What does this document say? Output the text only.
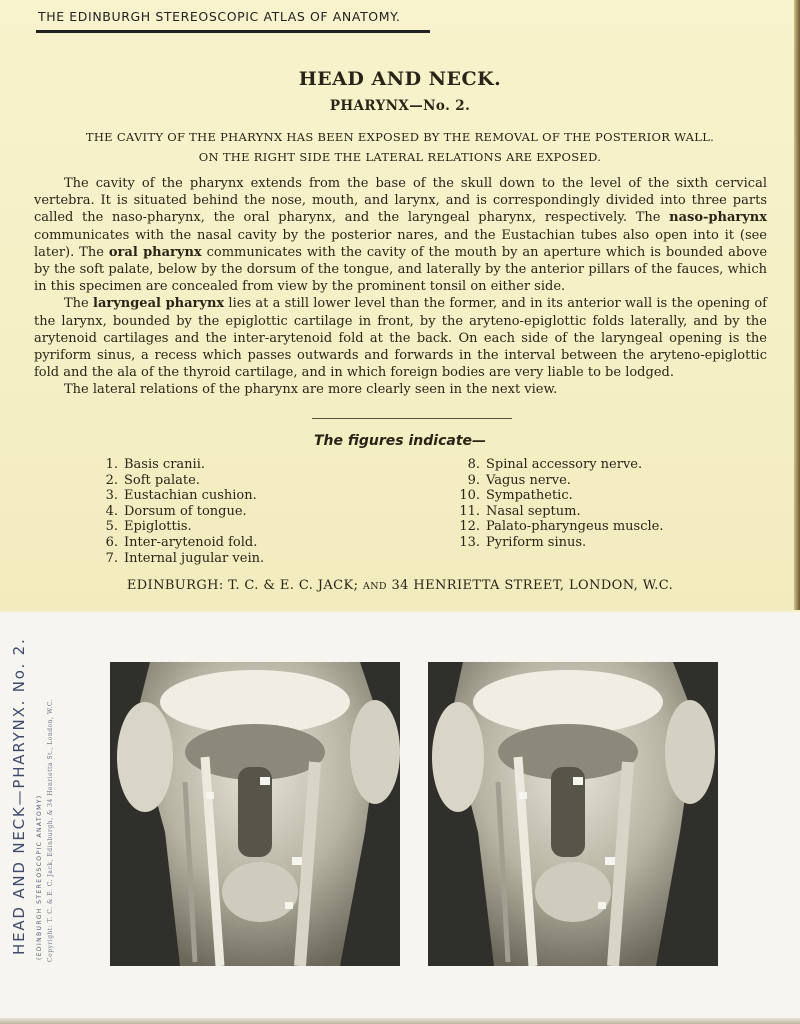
THE EDINBURGH STEREOSCOPIC ATLAS OF ANATOMY.
HEAD AND NECK.
PHARYNX—No. 2.
THE CAVITY OF THE PHARYNX HAS BEEN EXPOSED BY THE REMOVAL OF THE POSTERIOR WALL.
ON THE RIGHT SIDE THE LATERAL RELATIONS ARE EXPOSED.

The cavity of the pharynx extends from the base of the skull down to the level of the sixth cervical vertebra. It is situated behind the nose, mouth, and larynx, and is correspondingly divided into three parts called the naso-pharynx, the oral pharynx, and the laryngeal pharynx, respectively. The naso-pharynx communicates with the nasal cavity by the posterior nares, and the Eustachian tubes also open into it (see later). The oral pharynx communicates with the cavity of the mouth by an aperture which is bounded above by the soft palate, below by the dorsum of the tongue, and laterally by the anterior pillars of the fauces, which in this specimen are concealed from view by the prominent tonsil on either side.

The laryngeal pharynx lies at a still lower level than the former, and in its anterior wall is the opening of the larynx, bounded by the epiglottic cartilage in front, by the aryteno-epiglottic folds laterally, and by the arytenoid cartilages and the inter-arytenoid fold at the back. On each side of the laryngeal opening is the pyriform sinus, a recess which passes outwards and forwards in the interval between the aryteno-epiglottic fold and the ala of the thyroid cartilage, and in which foreign bodies are very liable to be lodged.

The lateral relations of the pharynx are more clearly seen in the next view.

The figures indicate—
1. Basis cranii.
2. Soft palate.
3. Eustachian cushion.
4. Dorsum of tongue.
5. Epiglottis.
6. Inter-arytenoid fold.
7. Internal jugular vein.
8. Spinal accessory nerve.
9. Vagus nerve.
10. Sympathetic.
11. Nasal septum.
12. Palato-pharyngeus muscle.
13. Pyriform sinus.
EDINBURGH: T. C. & E. C. JACK; AND 34 HENRIETTA STREET, LONDON, W.C.
HEAD AND NECK—PHARYNX. No. 2. (EDINBURGH STEREOSCOPIC ANATOMY) Copyright: T. C. & E. C. Jack, Edinburgh, & 34 Henrietta St., London, W.C.
